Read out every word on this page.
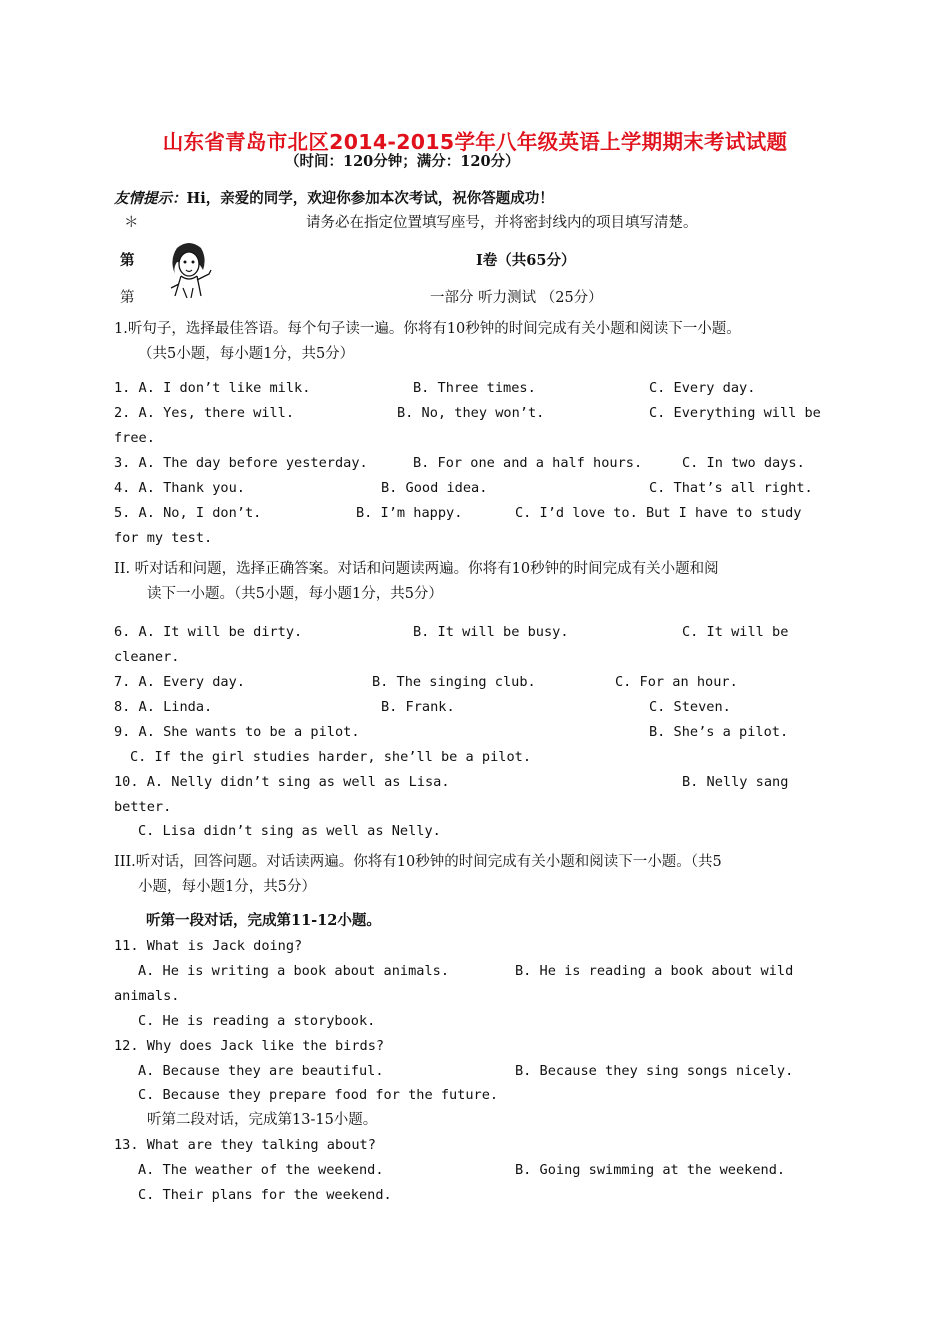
山东省青岛市北区2014-2015学年八年级英语上学期期末考试试题
（时间：120分钟；满分：120分）
友情提示：Hi，亲爱的同学，欢迎你参加本次考试，祝你答题成功！
＊	请务必在指定位置填写座号，并将密封线内的项目填写清楚。
第	I卷（共65分）
第	一部分 听力测试 （25分）
1.听句子，选择最佳答语。每个句子读一遍。你将有10秒钟的时间完成有关小题和阅读下一小题。
（共5小题，每小题1分，共5分）
1. A. I don’t like milk.	B. Three times.	C. Every day.
2. A. Yes, there will.	B. No, they won’t.	C. Everything will be
free.
3. A. The day before yesterday.	B. For one and a half hours.	C. In two days.
4. A. Thank you.	B. Good idea.	C. That’s all right.
5. A. No, I don’t.	B. I’m happy.	C. I’d love to. But I have to study
for my test.
II. 听对话和问题，选择正确答案。对话和问题读两遍。你将有10秒钟的时间完成有关小题和阅
读下一小题。（共5小题，每小题1分，共5分）
6. A. It will be dirty.	B. It will be busy.	C. It will be
cleaner.
7. A. Every day.	B. The singing club.	C. For an hour.
8. A. Linda.	B. Frank.	C. Steven.
9. A. She wants to be a pilot.	B. She’s a pilot.
C. If the girl studies harder, she’ll be a pilot.
10. A. Nelly didn’t sing as well as Lisa.	B. Nelly sang
better.
C. Lisa didn’t sing as well as Nelly.
III.听对话，回答问题。对话读两遍。你将有10秒钟的时间完成有关小题和阅读下一小题。（共5
小题，每小题1分，共5分）
听第一段对话，完成第11-12小题。
11. What is Jack doing?
A. He is writing a book about animals.	B. He is reading a book about wild
animals.
C. He is reading a storybook.
12. Why does Jack like the birds?
A. Because they are beautiful.	B. Because they sing songs nicely.
C. Because they prepare food for the future.
听第二段对话，完成第13-15小题。
13. What are they talking about?
A. The weather of the weekend.	B. Going swimming at the weekend.
C. Their plans for the weekend.
